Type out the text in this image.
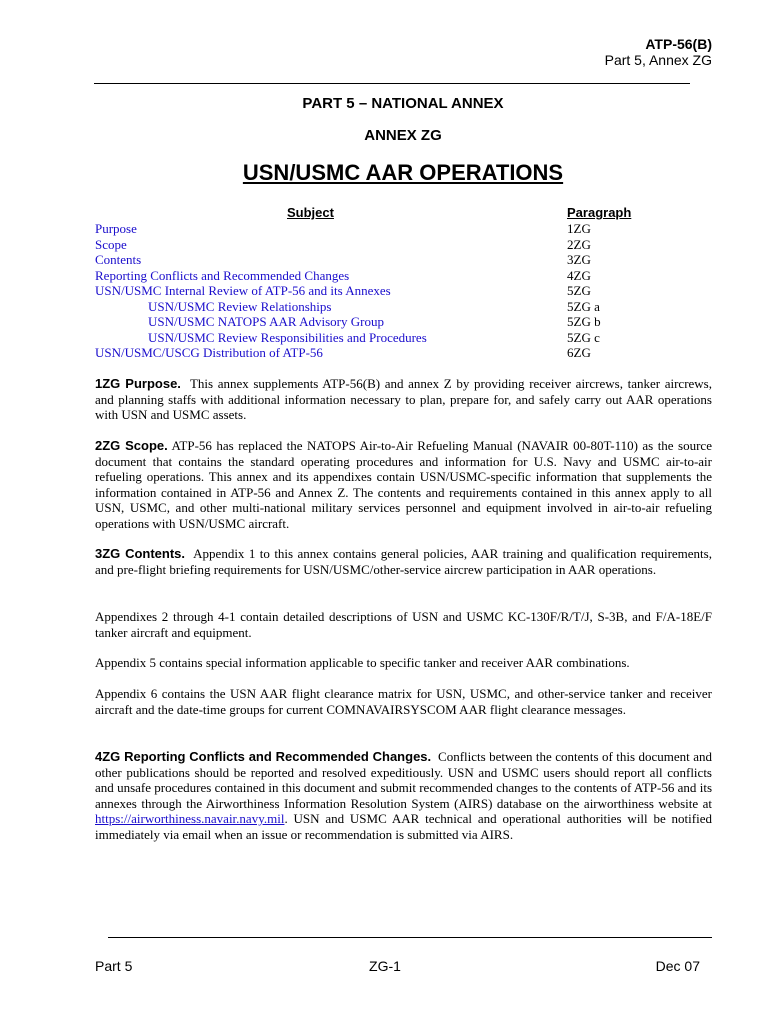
ATP-56(B)
Part 5, Annex ZG
PART 5 – NATIONAL ANNEX
ANNEX ZG
USN/USMC AAR OPERATIONS
Subject	Paragraph
Purpose	1ZG
Scope	2ZG
Contents	3ZG
Reporting Conflicts and Recommended Changes	4ZG
USN/USMC Internal Review of ATP-56 and its Annexes	5ZG
USN/USMC Review Relationships	5ZG a
USN/USMC NATOPS AAR Advisory Group	5ZG b
USN/USMC Review Responsibilities and Procedures	5ZG c
USN/USMC/USCG Distribution of ATP-56	6ZG

1ZG Purpose. This annex supplements ATP-56(B) and annex Z by providing receiver aircrews, tanker aircrews, and planning staffs with additional information necessary to plan, prepare for, and safely carry out AAR operations with USN and USMC assets.

2ZG Scope. ATP-56 has replaced the NATOPS Air-to-Air Refueling Manual (NAVAIR 00-80T-110) as the source document that contains the standard operating procedures and information for U.S. Navy and USMC air-to-air refueling operations. This annex and its appendixes contain USN/USMC-specific information that supplements the information contained in ATP-56 and Annex Z. The contents and requirements contained in this annex apply to all USN, USMC, and other multi-national military services personnel and equipment involved in air-to-air refueling operations with USN/USMC aircraft.

3ZG Contents. Appendix 1 to this annex contains general policies, AAR training and qualification requirements, and pre-flight briefing requirements for USN/USMC/other-service aircrew participation in AAR operations.

Appendixes 2 through 4-1 contain detailed descriptions of USN and USMC KC-130F/R/T/J, S-3B, and F/A-18E/F tanker aircraft and equipment.

Appendix 5 contains special information applicable to specific tanker and receiver AAR combinations.

Appendix 6 contains the USN AAR flight clearance matrix for USN, USMC, and other-service tanker and receiver aircraft and the date-time groups for current COMNAVAIRSYSCOM AAR flight clearance messages.

4ZG Reporting Conflicts and Recommended Changes. Conflicts between the contents of this document and other publications should be reported and resolved expeditiously. USN and USMC users should report all conflicts and unsafe procedures contained in this document and submit recommended changes to the contents of ATP-56 and its annexes through the Airworthiness Information Resolution System (AIRS) database on the airworthiness website at https://airworthiness.navair.navy.mil. USN and USMC AAR technical and operational authorities will be notified immediately via email when an issue or recommendation is submitted via AIRS.

Part 5	ZG-1	Dec 07
